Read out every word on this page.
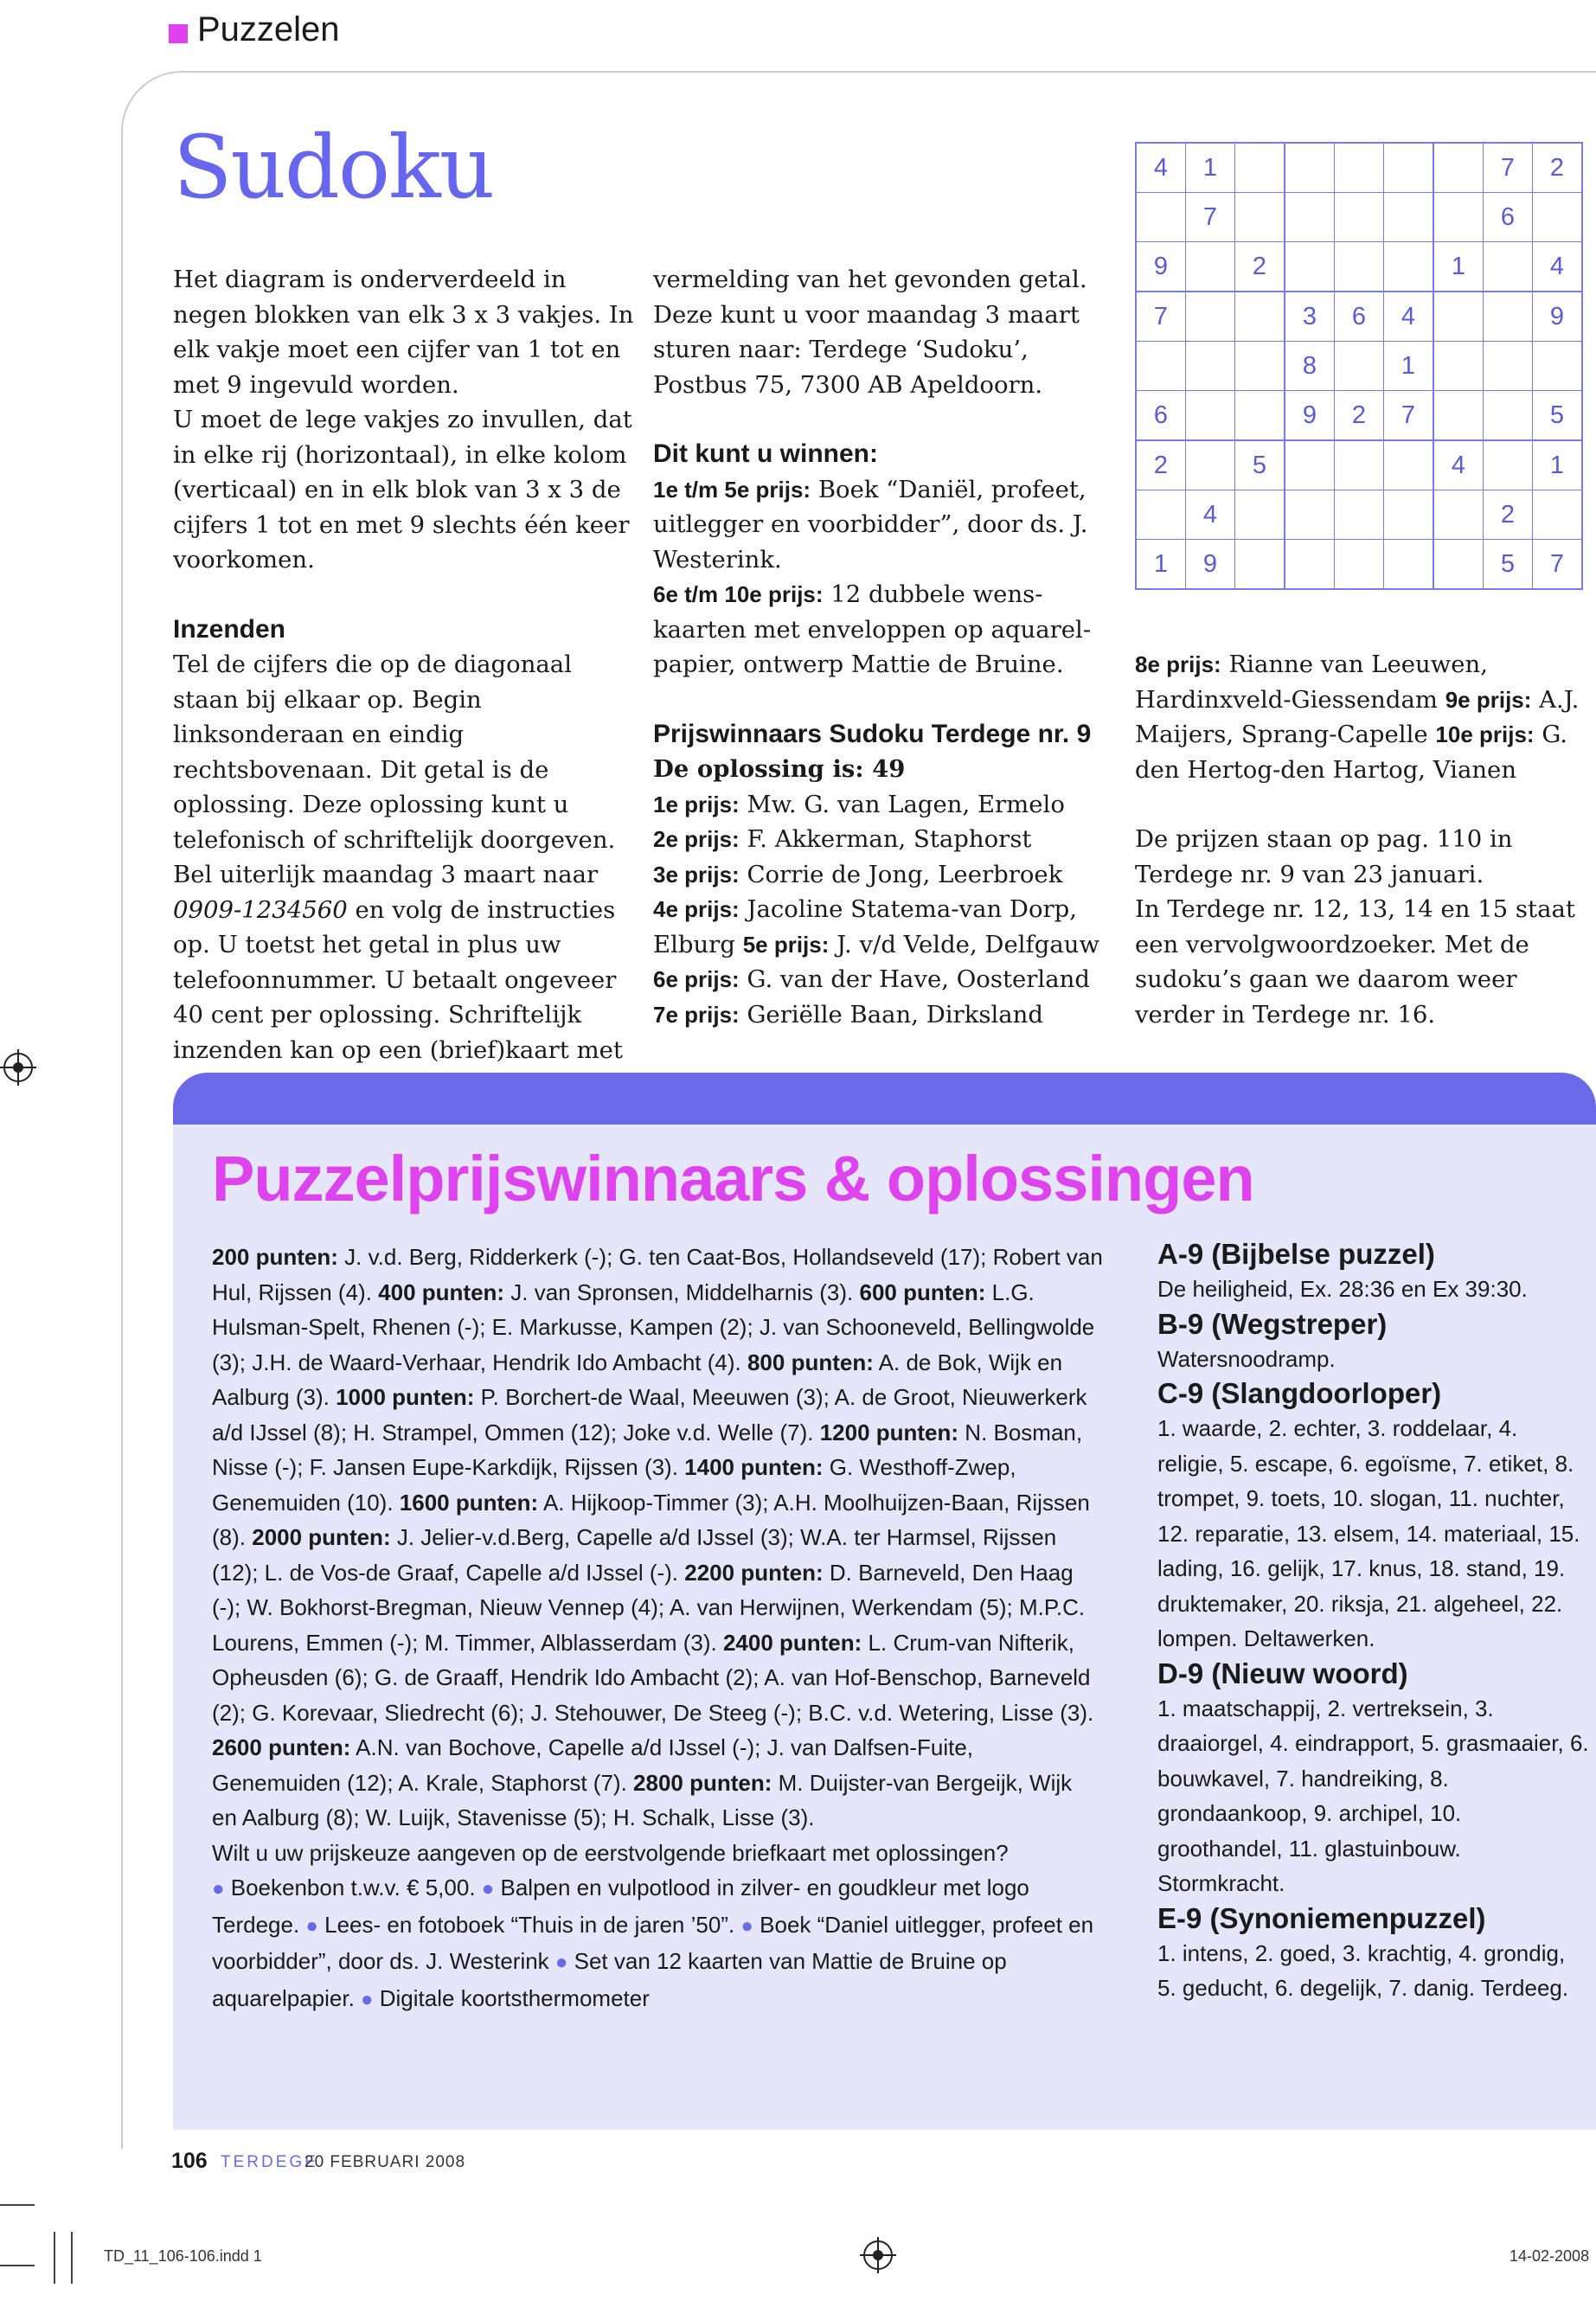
Puzzelen
Sudoku

Het diagram is onderverdeeld in negen blokken van elk 3 x 3 vakjes. In elk vakje moet een cijfer van 1 tot en met 9 ingevuld worden.

U moet de lege vakjes zo invullen, dat in elke rij (horizontaal), in elke kolom (verticaal) en in elk blok van 3 x 3 de cijfers 1 tot en met 9 slechts één keer voorkomen.

Inzenden

Tel de cijfers die op de diagonaal staan bij elkaar op. Begin linksonderaan en eindig rechtsbovenaan. Dit getal is de oplossing. Deze oplossing kunt u telefonisch of schriftelijk doorgeven. Bel uiterlijk maandag 3 maart naar 0909-1234560 en volg de instructies op. U toetst het getal in plus uw telefoonnummer. U betaalt ongeveer 40 cent per oplossing. Schriftelijk inzenden kan op een (brief)kaart met

vermelding van het gevonden getal. Deze kunt u voor maandag 3 maart sturen naar: Terdege ‘Sudoku’, Postbus 75, 7300 AB Apeldoorn.

Dit kunt u winnen:

1e t/m 5e prijs: Boek “Daniël, profeet, uitlegger en voorbidder”, door ds. J. Westerink.

6e t/m 10e prijs: 12 dubbele wenskaarten met enveloppen op aquarelpapier, ontwerp Mattie de Bruine.

Prijswinnaars Sudoku Terdege nr. 9

De oplossing is: 49

1e prijs: Mw. G. van Lagen, Ermelo

2e prijs: F. Akkerman, Staphorst

3e prijs: Corrie de Jong, Leerbroek

4e prijs: Jacoline Statema-van Dorp, Elburg 5e prijs: J. v/d Velde, Delfgauw

6e prijs: G. van der Have, Oosterland

7e prijs: Geriëlle Baan, Dirksland

4	1						7	2
	7						6	
9		2				1		4
7			3	6	4			9
			8		1			
6			9	2	7			5
2		5				4		1
	4						2	
1	9						5	7

8e prijs: Rianne van Leeuwen, Hardinxveld-Giessendam 9e prijs: A.J. Maijers, Sprang-Capelle 10e prijs: G. den Hertog-den Hartog, Vianen

De prijzen staan op pag. 110 in Terdege nr. 9 van 23 januari.

In Terdege nr. 12, 13, 14 en 15 staat een vervolgwoordzoeker. Met de sudoku’s gaan we daarom weer verder in Terdege nr. 16.

Puzzelprijswinnaars & oplossingen

200 punten: J. v.d. Berg, Ridderkerk (-); G. ten Caat-Bos, Hollandseveld (17); Robert van Hul, Rijssen (4). 400 punten: J. van Spronsen, Middelharnis (3). 600 punten: L.G. Hulsman-Spelt, Rhenen (-); E. Markusse, Kampen (2); J. van Schooneveld, Bellingwolde (3); J.H. de Waard-Verhaar, Hendrik Ido Ambacht (4). 800 punten: A. de Bok, Wijk en Aalburg (3). 1000 punten: P. Borchert-de Waal, Meeuwen (3); A. de Groot, Nieuwerkerk a/d IJssel (8); H. Strampel, Ommen (12); Joke v.d. Welle (7). 1200 punten: N. Bosman, Nisse (-); F. Jansen Eupe-Karkdijk, Rijssen (3). 1400 punten: G. Westhoff-Zwep, Genemuiden (10). 1600 punten: A. Hijkoop-Timmer (3); A.H. Moolhuijzen-Baan, Rijssen (8). 2000 punten: J. Jelier-v.d.Berg, Capelle a/d IJssel (3); W.A. ter Harmsel, Rijssen (12); L. de Vos-de Graaf, Capelle a/d IJssel (-). 2200 punten: D. Barneveld, Den Haag (-); W. Bokhorst-Bregman, Nieuw Vennep (4); A. van Herwijnen, Werkendam (5); M.P.C. Lourens, Emmen (-); M. Timmer, Alblasserdam (3). 2400 punten: L. Crum-van Nifterik, Opheusden (6); G. de Graaff, Hendrik Ido Ambacht (2); A. van Hof-Benschop, Barneveld (2); G. Korevaar, Sliedrecht (6); J. Stehouwer, De Steeg (-); B.C. v.d. Wetering, Lisse (3). 2600 punten: A.N. van Bochove, Capelle a/d IJssel (-); J. van Dalfsen-Fuite, Genemuiden (12); A. Krale, Staphorst (7). 2800 punten: M. Duijster-van Bergeijk, Wijk en Aalburg (8); W. Luijk, Stavenisse (5); H. Schalk, Lisse (3).

Wilt u uw prijskeuze aangeven op de eerstvolgende briefkaart met oplossingen?

● Boekenbon t.w.v. € 5,00. ● Balpen en vulpotlood in zilver- en goudkleur met logo Terdege. ● Lees- en fotoboek “Thuis in de jaren ’50”. ● Boek “Daniel uitlegger, profeet en voorbidder”, door ds. J. Westerink ● Set van 12 kaarten van Mattie de Bruine op aquarelpapier. ● Digitale koortsthermometer

A-9 (Bijbelse puzzel)

De heiligheid, Ex. 28:36 en Ex 39:30.

B-9 (Wegstreper)

Watersnoodramp.

C-9 (Slangdoorloper)

1. waarde, 2. echter, 3. roddelaar, 4. religie, 5. escape, 6. egoïsme, 7. etiket, 8. trompet, 9. toets, 10. slogan, 11. nuchter, 12. reparatie, 13. elsem, 14. materiaal, 15. lading, 16. gelijk, 17. knus, 18. stand, 19. druktemaker, 20. riksja, 21. algeheel, 22. lompen. Deltawerken.

D-9 (Nieuw woord)

1. maatschappij, 2. vertreksein, 3. draaiorgel, 4. eindrapport, 5. grasmaaier, 6. bouwkavel, 7. handreiking, 8. grondaankoop, 9. archipel, 10. groothandel, 11. glastuinbouw. Stormkracht.

E-9 (Synoniemenpuzzel)

1. intens, 2. goed, 3. krachtig, 4. grondig, 5. geducht, 6. degelijk, 7. danig. Terdeeg.

106 TERDEGE
20 FEBRUARI 2008
TD_11_106-106.indd 1	14-02-2008
